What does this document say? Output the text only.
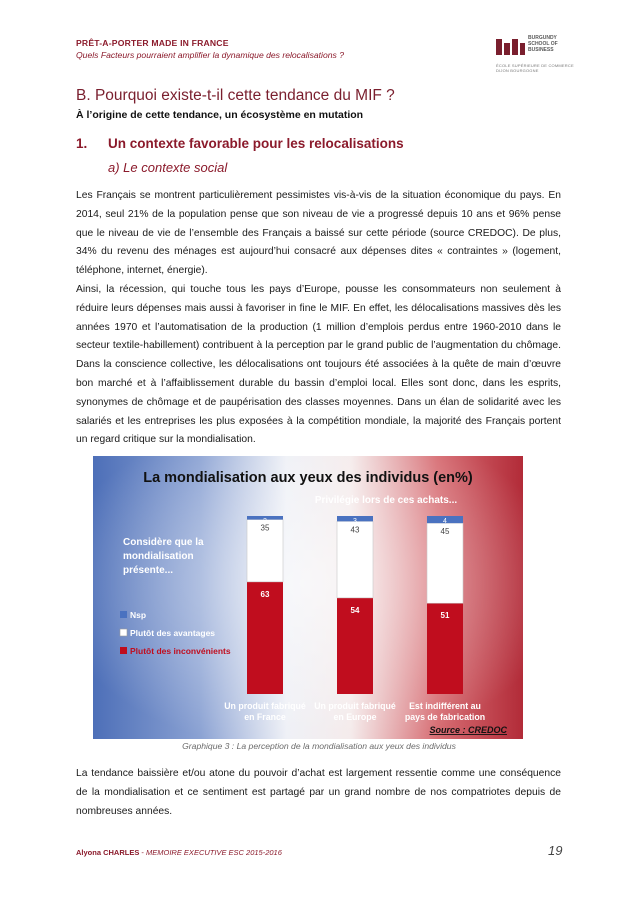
PRÊT-A-PORTER MADE IN FRANCE
Quels Facteurs pourraient amplifier la dynamique des relocalisations ?
BURGUNDY SCHOOL OF BUSINESS
ÉCOLE SUPÉRIEURE DE COMMERCE DIJON BOURGOGNE
B. Pourquoi existe-t-il cette tendance du MIF ?
À l’origine de cette tendance, un écosystème en mutation
1. Un contexte favorable pour les relocalisations
a) Le contexte social
Les Français se montrent particulièrement pessimistes vis-à-vis de la situation économique du pays. En 2014, seul 21% de la population pense que son niveau de vie a progressé depuis 10 ans et 96% pense que le niveau de vie de l’ensemble des Français a baissé sur cette période (source CREDOC). De plus, 34% du revenu des ménages est aujourd’hui consacré aux dépenses dites « contraintes » (logement, téléphone, internet, énergie).
Ainsi, la récession, qui touche tous les pays d’Europe, pousse les consommateurs non seulement à réduire leurs dépenses mais aussi à favoriser in fine le MIF. En effet, les délocalisations massives dès les années 1970 et l’automatisation de la production (1 million d’emplois perdus entre 1960-2010 dans le secteur textile-habillement) contribuent à la perception par le grand public de l’augmentation du chômage. Dans la conscience collective, les délocalisations ont toujours été associées à la quête de main d’œuvre bon marché et à l’affaiblissement durable du bassin d’emploi local. Elles sont donc, dans les esprits, synonymes de chômage et de paupérisation des classes moyennes. Dans un élan de solidarité avec les salariés et les entreprises les plus exposées à la compétition mondiale, la majorité des Français portent un regard critique sur la mondialisation.
La mondialisation aux yeux des individus (en%)
Privilégie lors de ces achats...
Considère que la mondialisation présente...
63
35
2
54
43
3
51
45
4
Nsp
Plutôt des avantages
Plutôt des inconvénients
Un produit fabriqué en France
Un produit fabriqué en Europe
Est indifférent au pays de fabrication
Source : CREDOC
Graphique 3 : La perception de la mondialisation aux yeux des individus
La tendance baissière et/ou atone du pouvoir d’achat est largement ressentie comme une conséquence de la mondialisation et ce sentiment est partagé par un grand nombre de nos compatriotes depuis de nombreuses années.
Alyona CHARLES - MEMOIRE EXECUTIVE ESC 2015-2016	19
